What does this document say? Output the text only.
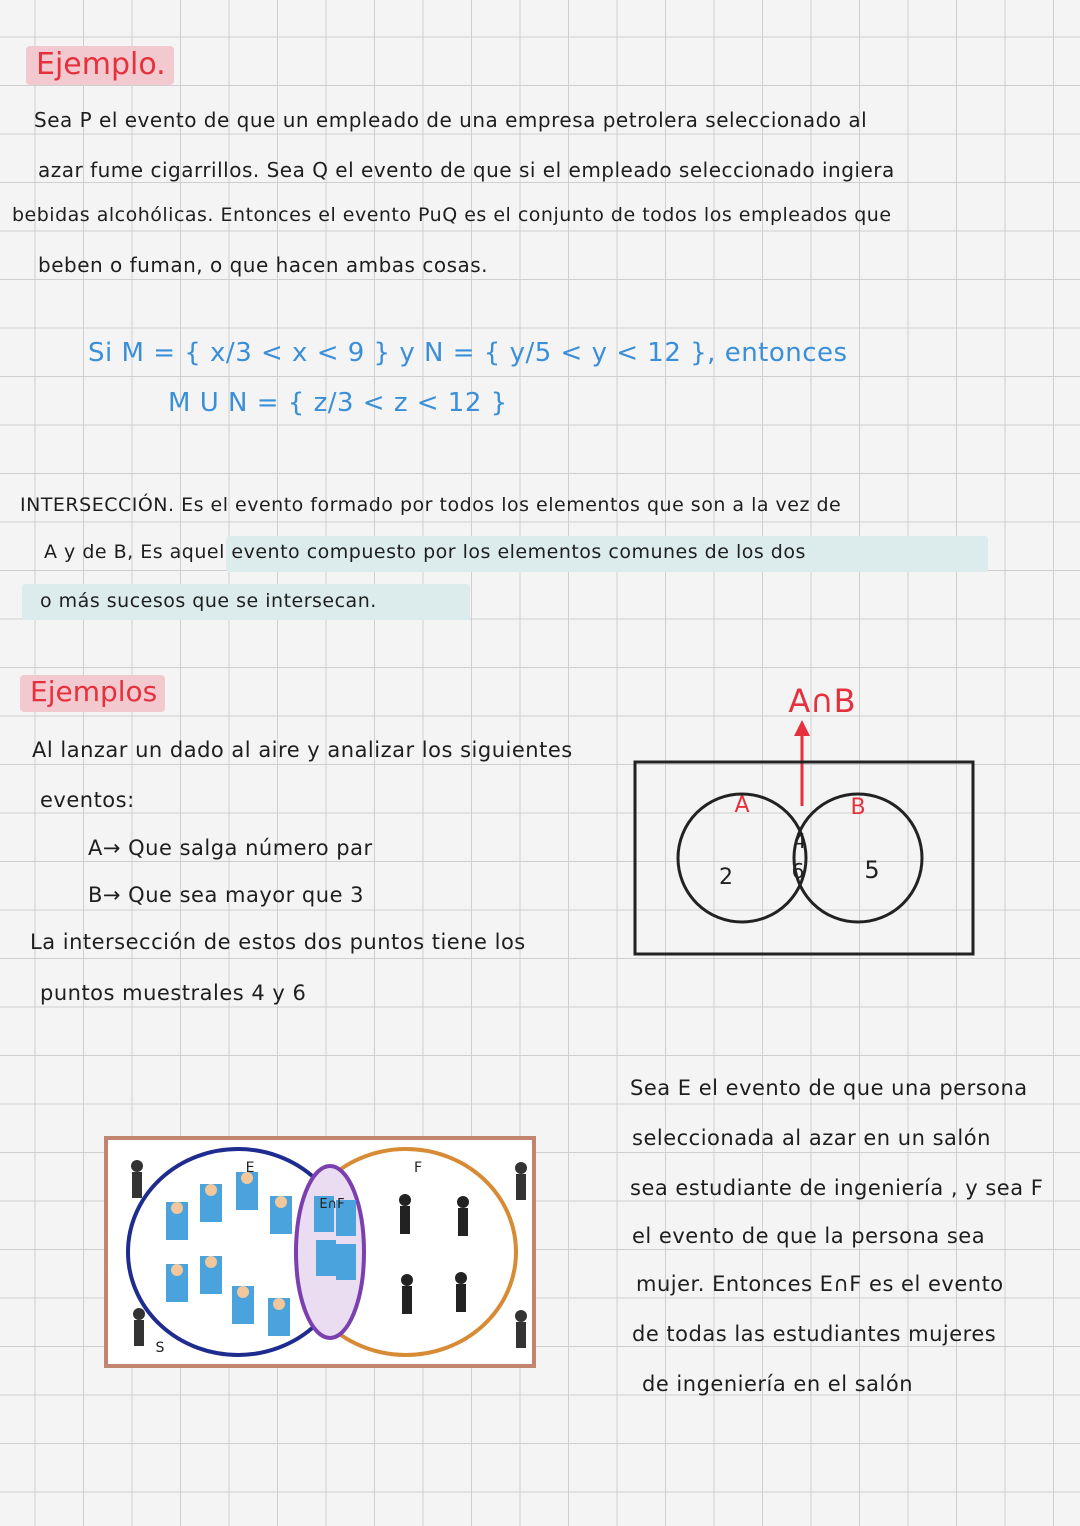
Ejemplo.
Sea P el evento de que un empleado de una empresa petrolera seleccionado al
azar fume cigarrillos. Sea Q el evento de que si el empleado seleccionado ingiera
bebidas alcohólicas. Entonces el evento PuQ es el conjunto de todos los empleados que
beben o fuman, o que hacen ambas cosas.
Si M = { x/3 < x < 9 } y N = { y/5 < y < 12 }, entonces
M U N = { z/3 < z < 12 }
INTERSECCIÓN. Es el evento formado por todos los elementos que son a la vez de
A y de B, Es aquel evento compuesto por los elementos comunes de los dos
o más sucesos que se intersecan.
Ejemplos
Al lanzar un dado al aire y analizar los siguientes
eventos:
A→ Que salga número par
B→ Que sea mayor que 3
La intersección de estos dos puntos tiene los
puntos muestrales 4 y 6
A∩B
A	B
2
4
6 5
E	F
E∩F
S
Sea E el evento de que una persona
seleccionada al azar en un salón
sea estudiante de ingeniería , y sea F
el evento de que la persona sea
mujer. Entonces E∩F es el evento
de todas las estudiantes mujeres
de ingeniería en el salón
